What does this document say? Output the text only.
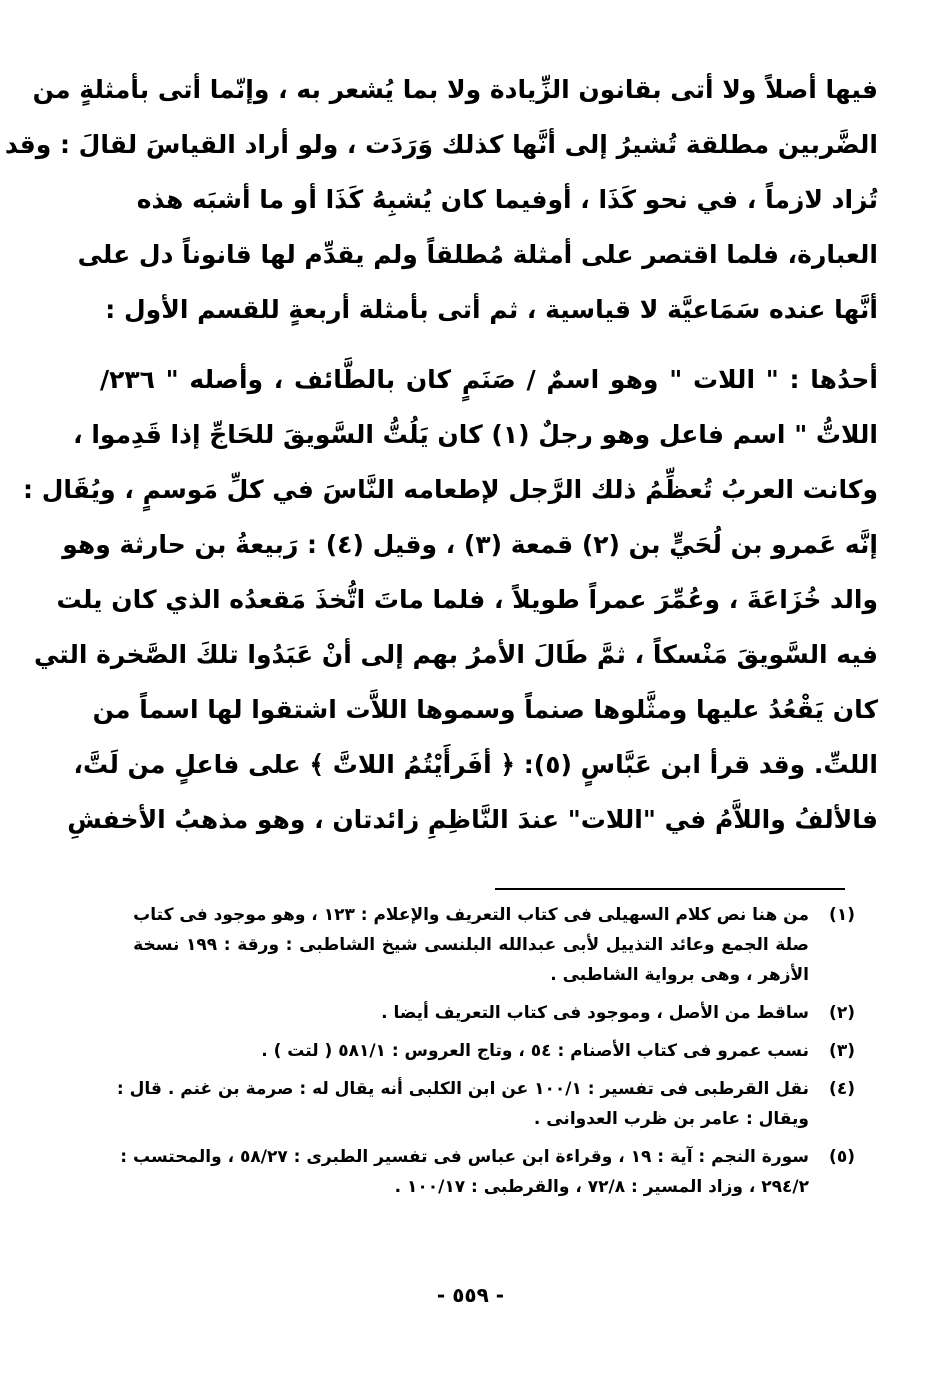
فيها أصلاً ولا أتى بقانون الزِّيادة ولا بما يُشعر به ، وإنّما أتى بأمثلةٍ من
الضَّربين مطلقة تُشيرُ إلى أنَّها كذلك وَرَدَت ، ولو أراد القياسَ لقالَ : وقد
تُزاد لازماً ، في نحو كَذَا ، أوفيما كان يُشبِهُ كَذَا أو ما أشبَه هذه
العبارة، فلما اقتصر على أمثلة مُطلقاً ولم يقدِّم لها قانوناً دل على
أنَّها عنده سَمَاعيَّة لا قياسية ، ثم أتى بأمثلة أربعةٍ للقسم الأول :
أحدُها : " اللات " وهو اسمٌ / صَنَمٍ كان بالطَّائف ، وأصله " ٢٣٦/
اللاتُّ " اسم فاعل وهو رجلٌ (١) كان يَلُتُّ السَّويقَ للحَاجِّ إذا قَدِموا ،
وكانت العربُ تُعظِّمُ ذلك الرَّجل لإطعامه النَّاسَ في كلِّ مَوسمٍ ، ويُقَال :
إنَّه عَمرو بن لُحَيٍّ بن (٢) قمعة (٣) ، وقيل (٤) : رَبيعةُ بن حارثة وهو
والد خُزَاعَةَ ، وعُمِّرَ عمراً طويلاً ، فلما ماتَ اتُّخذَ مَقعدُه الذي كان يلت
فيه السَّويقَ مَنْسكاً ، ثمَّ طَالَ الأمرُ بهم إلى أنْ عَبَدُوا تلكَ الصَّخرة التي
كان يَقْعُدُ عليها ومثَّلوها صنماً وسموها اللاَّت اشتقوا لها اسماً من
اللتِّ. وقد قرأ ابن عَبَّاسٍ (٥): ﴿ أفَرأَيْتُمُ اللاتَّ ﴾ على فاعلٍ من لَتَّ،
فالألفُ واللاَّمُ في "اللات" عندَ النَّاظِمِ زائدتان ، وهو مذهبُ الأخفشِ
(١)
من هنا نص كلام السهيلى فى كتاب التعريف والإعلام : ١٢٣ ، وهو موجود فى كتاب
صلة الجمع وعائد التذييل لأبى عبدالله البلنسى شيخ الشاطبى : ورقة : ١٩٩ نسخة
الأزهر ، وهى برواية الشاطبى .
(٢)
ساقط من الأصل ، وموجود فى كتاب التعريف أيضا .
(٣)
نسب عمرو فى كتاب الأصنام : ٥٤ ، وتاج العروس : ٥٨١/١ ( لتت ) .
(٤)
نقل القرطبى فى تفسير : ١٠٠/١ عن ابن الكلبى أنه يقال له : صرمة بن غنم . قال :
ويقال : عامر بن ظرب العدوانى .
(٥)
سورة النجم : آية : ١٩ ، وقراءة ابن عباس فى تفسير الطبرى : ٥٨/٢٧ ، والمحتسب :
٢٩٤/٢ ، وزاد المسير : ٧٢/٨ ، والقرطبى : ١٠٠/١٧ .
- ٥٥٩ -
